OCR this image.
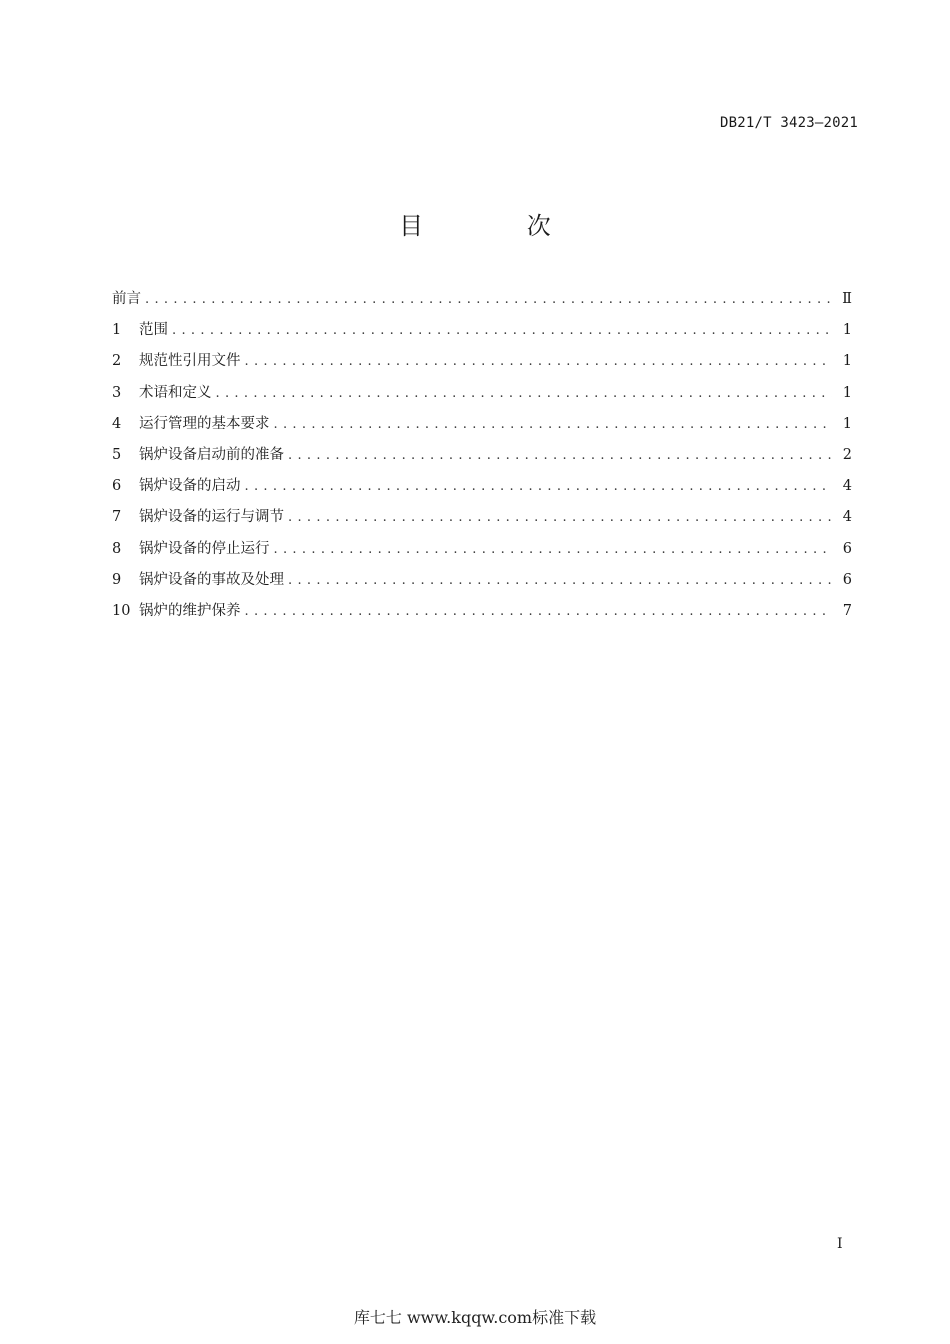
DB21/T 3423—2021
目 次
前言 . . .	Ⅱ
1	范围 . . .	1
2	规范性引用文件 . . .	1
3	术语和定义 . . .	1
4	运行管理的基本要求 . . .	1
5	锅炉设备启动前的准备 . . .	2
6	锅炉设备的启动 . . .	4
7	锅炉设备的运行与调节 . . .	4
8	锅炉设备的停止运行 . . .	6
9	锅炉设备的事故及处理 . . .	6
10 锅炉的维护保养 . . .	7
I
库七七 www.kqqw.com标准下载
